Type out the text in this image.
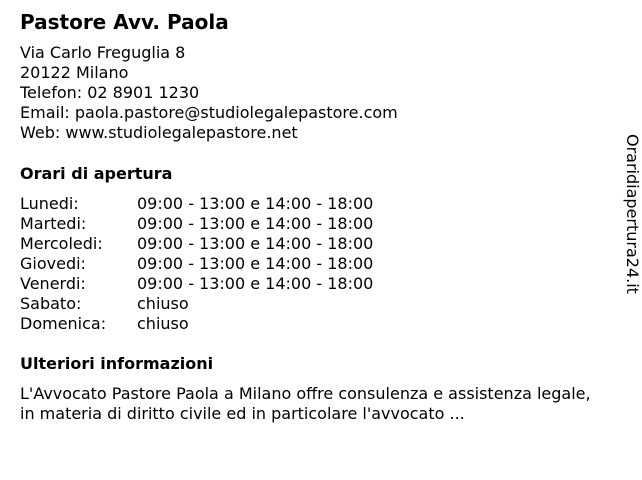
Pastore Avv. Paola
Via Carlo Freguglia 8
20122 Milano
Telefon: 02 8901 1230
Email: paola.pastore@studiolegalepastore.com
Web: www.studiolegalepastore.net
Orari di apertura
Lunedi:	09:00 - 13:00 e 14:00 - 18:00
Martedi:	09:00 - 13:00 e 14:00 - 18:00
Mercoledi: 09:00 - 13:00 e 14:00 - 18:00
Giovedi:	09:00 - 13:00 e 14:00 - 18:00
Venerdi:	09:00 - 13:00 e 14:00 - 18:00
Sabato:	chiuso
Domenica: chiuso
Ulteriori informazioni
L'Avvocato Pastore Paola a Milano offre consulenza e assistenza legale, in materia di diritto civile ed in particolare l'avvocato ...
Oraridiapertura24.it
